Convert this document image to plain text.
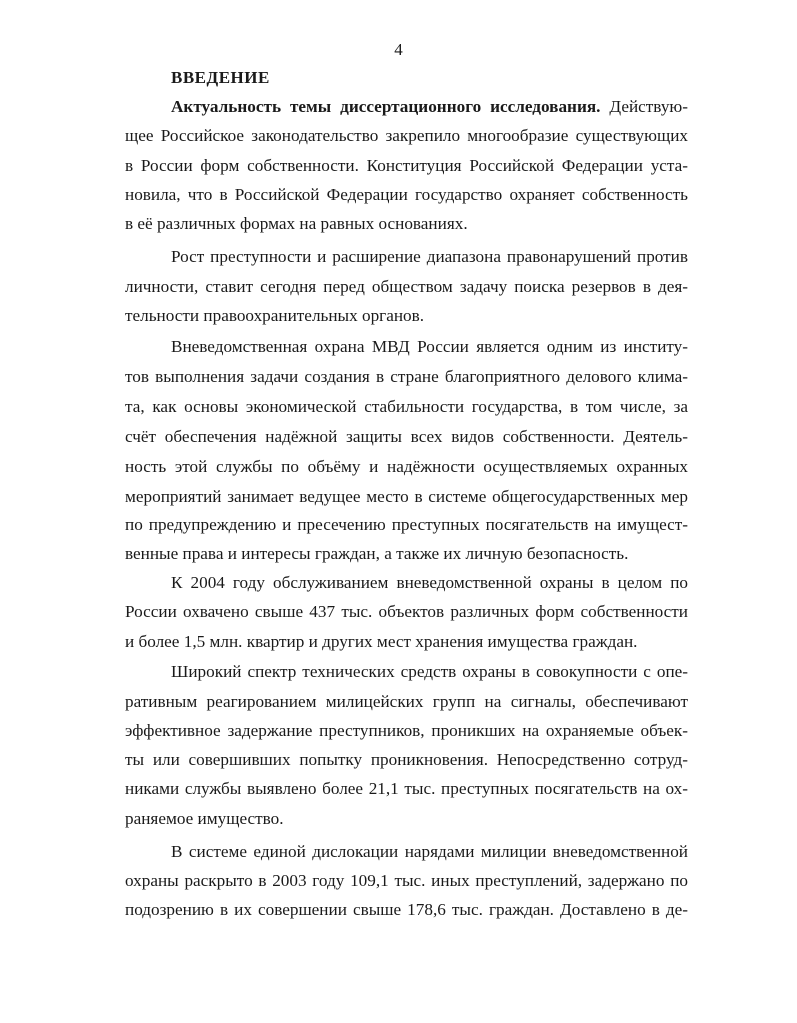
4
ВВЕДЕНИЕ
Актуальность темы диссертационного исследования. Действую-
щее Российское законодательство закрепило многообразие существующих
в России форм собственности. Конституция Российской Федерации уста-
новила, что в Российской Федерации государство охраняет собственность
в её различных формах на равных основаниях.
Рост преступности и расширение диапазона правонарушений против
личности, ставит сегодня перед обществом задачу поиска резервов в дея-
тельности правоохранительных органов.
Вневедомственная охрана МВД России является одним из институ-
тов выполнения задачи создания в стране благоприятного делового клима-
та, как основы экономической стабильности государства, в том числе, за
счёт обеспечения надёжной защиты всех видов собственности. Деятель-
ность этой службы по объёму и надёжности осуществляемых охранных
мероприятий занимает ведущее место в системе общегосударственных мер
по предупреждению и пресечению преступных посягательств на имущест-
венные права и интересы граждан, а также их личную безопасность.
К 2004 году обслуживанием вневедомственной охраны в целом по
России охвачено свыше 437 тыс. объектов различных форм собственности
и более 1,5 млн. квартир и других мест хранения имущества граждан.
Широкий спектр технических средств охраны в совокупности с опе-
ративным реагированием милицейских групп на сигналы, обеспечивают
эффективное задержание преступников, проникших на охраняемые объек-
ты или совершивших попытку проникновения. Непосредственно сотруд-
никами службы выявлено более 21,1 тыс. преступных посягательств на ох-
раняемое имущество.
В системе единой дислокации нарядами милиции вневедомственной
охраны раскрыто в 2003 году 109,1 тыс. иных преступлений, задержано по
подозрению в их совершении свыше 178,6 тыс. граждан. Доставлено в де-
